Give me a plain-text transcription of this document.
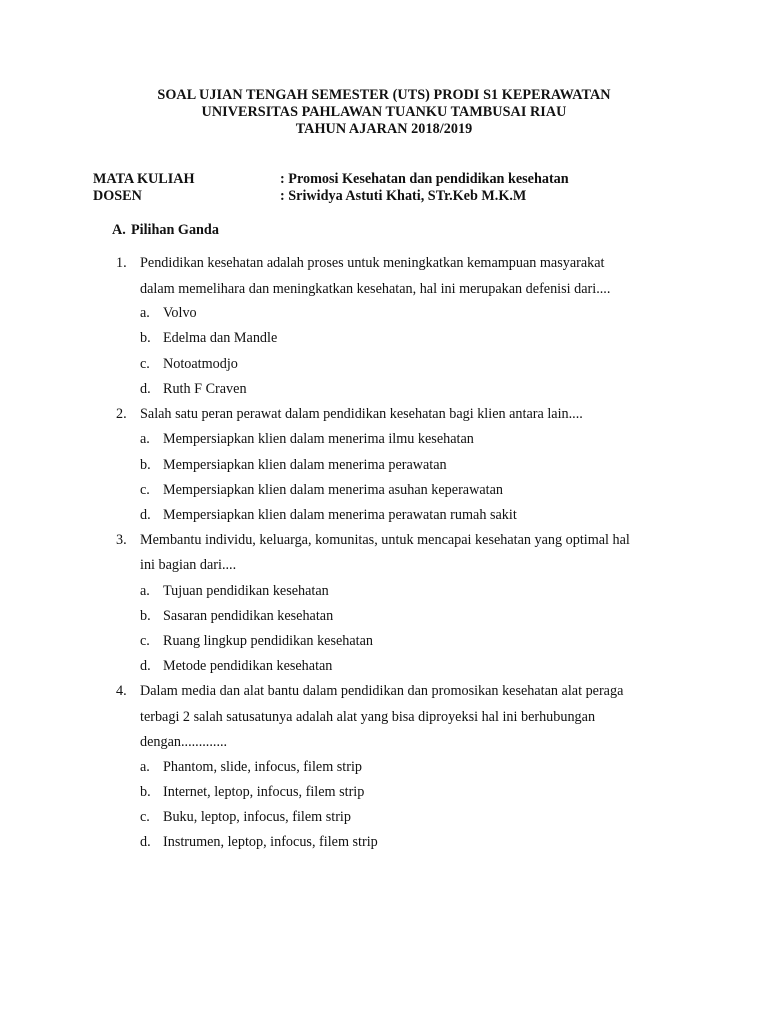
SOAL UJIAN TENGAH SEMESTER (UTS) PRODI S1 KEPERAWATAN
UNIVERSITAS PAHLAWAN TUANKU TAMBUSAI RIAU
TAHUN AJARAN 2018/2019
MATA KULIAH	: Promosi Kesehatan dan pendidikan kesehatan
DOSEN	: Sriwidya Astuti Khati, STr.Keb M.K.M
A. Pilihan Ganda
1. Pendidikan kesehatan adalah proses untuk meningkatkan kemampuan masyarakat
dalam memelihara dan meningkatkan kesehatan, hal ini merupakan defenisi dari....
a. Volvo
b. Edelma dan Mandle
c. Notoatmodjo
d. Ruth F Craven
2. Salah satu peran perawat dalam pendidikan kesehatan bagi klien antara lain....
a. Mempersiapkan klien dalam menerima ilmu kesehatan
b. Mempersiapkan klien dalam menerima perawatan
c. Mempersiapkan klien dalam menerima asuhan keperawatan
d. Mempersiapkan klien dalam menerima perawatan rumah sakit
3. Membantu individu, keluarga, komunitas, untuk mencapai kesehatan yang optimal hal
ini bagian dari....
a. Tujuan pendidikan kesehatan
b. Sasaran pendidikan kesehatan
c. Ruang lingkup pendidikan kesehatan
d. Metode pendidikan kesehatan
4. Dalam media dan alat bantu dalam pendidikan dan promosikan kesehatan alat peraga
terbagi 2 salah satusatunya adalah alat yang bisa diproyeksi hal ini berhubungan
dengan.............
a. Phantom, slide, infocus, filem strip
b. Internet, leptop, infocus, filem strip
c. Buku, leptop, infocus, filem strip
d. Instrumen, leptop, infocus, filem strip
